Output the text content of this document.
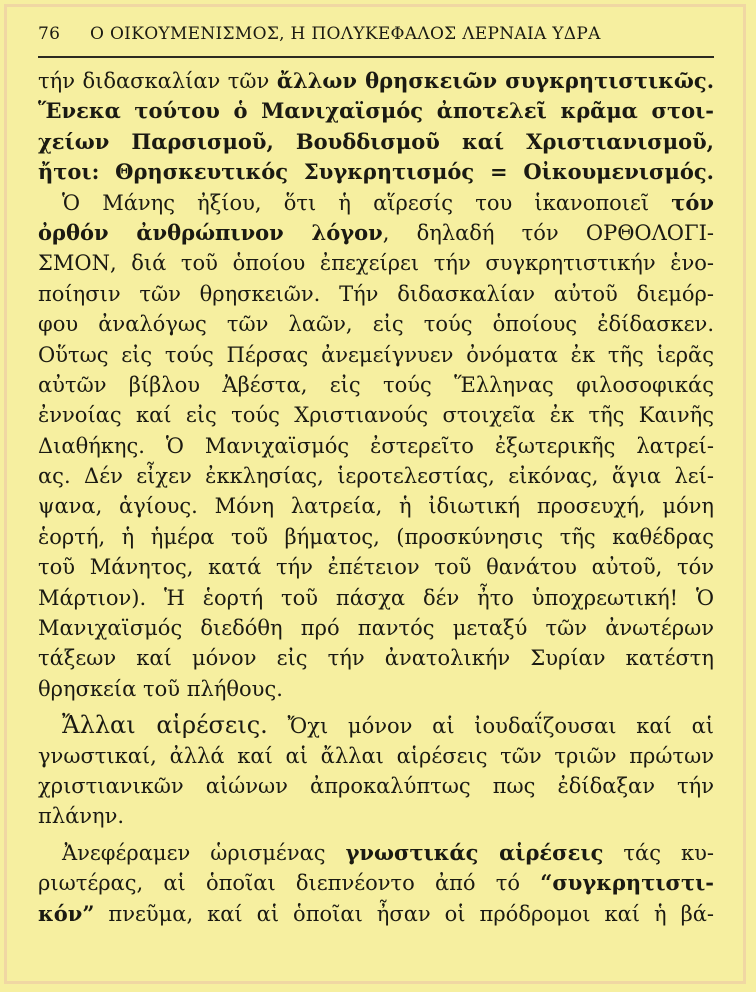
76 Ο ΟΙΚΟΥΜΕΝΙΣΜΟΣ, Η ΠΟΛΥΚΕΦΑΛΟΣ ΛΕΡΝΑΙΑ ΥΔΡΑ
τήν διδασκαλίαν τῶν ἄλλων θρησκειῶν συγκρητιστικῶς.
Ἕνεκα τούτου ὁ Μανιχαϊσμός ἀποτελεῖ κρᾶμα στοι-
χείων Παρσισμοῦ, Βουδδισμοῦ καί Χριστιανισμοῦ,
ἤτοι: Θρησκευτικός Συγκρητισμός = Οἰκουμενισμός.
Ὁ Μάνης ἠξίου, ὅτι ἡ αἵρεσίς του ἱκανοποιεῖ τόν
ὀρθόν ἀνθρώπινον λόγον, δηλαδή τόν ΟΡΘΟΛΟΓΙ-
ΣΜΟΝ, διά τοῦ ὁποίου ἐπεχείρει τήν συγκρητιστικήν ἑνο-
ποίησιν τῶν θρησκειῶν. Τήν διδασκαλίαν αὐτοῦ διεμόρ-
φου ἀναλόγως τῶν λαῶν, εἰς τούς ὁποίους ἐδίδασκεν.
Οὕτως εἰς τούς Πέρσας ἀνεμείγνυεν ὀνόματα ἐκ τῆς ἱερᾶς
αὐτῶν βίβλου Ἀβέστα, εἰς τούς Ἕλληνας φιλοσοφικάς
ἐννοίας καί εἰς τούς Χριστιανούς στοιχεῖα ἐκ τῆς Καινῆς
Διαθήκης. Ὁ Μανιχαϊσμός ἐστερεῖτο ἐξωτερικῆς λατρεί-
ας. Δέν εἶχεν ἐκκλησίας, ἱεροτελεστίας, εἰκόνας, ἅγια λεί-
ψανα, ἁγίους. Μόνη λατρεία, ἡ ἰδιωτική προσευχή, μόνη
ἑορτή, ἡ ἡμέρα τοῦ βήματος, (προσκύνησις τῆς καθέδρας
τοῦ Μάνητος, κατά τήν ἐπέτειον τοῦ θανάτου αὐτοῦ, τόν
Μάρτιον). Ἡ ἑορτή τοῦ πάσχα δέν ἦτο ὑποχρεωτική! Ὁ
Μανιχαϊσμός διεδόθη πρό παντός μεταξύ τῶν ἀνωτέρων
τάξεων καί μόνον εἰς τήν ἀνατολικήν Συρίαν κατέστη
θρησκεία τοῦ πλήθους.
Ἄλλαι αἱρέσεις. Ὄχι μόνον αἱ ἰουδαΐζουσαι καί αἱ
γνωστικαί, ἀλλά καί αἱ ἄλλαι αἱρέσεις τῶν τριῶν πρώτων
χριστιανικῶν αἰώνων ἀπροκαλύπτως πως ἐδίδαξαν τήν
πλάνην.
Ἀνεφέραμεν ὡρισμένας γνωστικάς αἱρέσεις τάς κυ-
ριωτέρας, αἱ ὁποῖαι διεπνέοντο ἀπό τό “συγκρητιστι-
κόν” πνεῦμα, καί αἱ ὁποῖαι ἦσαν οἱ πρόδρομοι καί ἡ βά-
